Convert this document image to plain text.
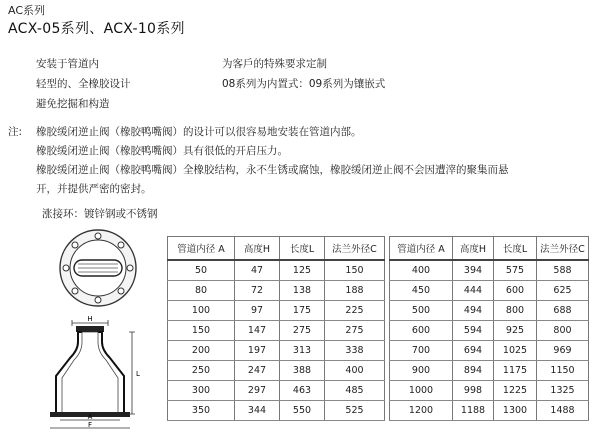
AC系列
ACX-05系列、ACX-10系列
安装于管道内
轻型的、全橡胶设计
避免挖掘和构造
为客戶的特殊要求定制
08系列为内置式：09系列为镶嵌式
注: 橡胶缓闭逆止阀（橡胶鸭嘴阀）的设计可以很容易地安装在管道内部。
橡胶缓闭逆止阀（橡胶鸭嘴阀）具有很低的开启压力。
橡胶缓闭逆止阀（橡胶鸭嘴阀）全橡胶结构，永不生锈或腐蚀，橡胶缓闭逆止阀不会因遭滓的聚集而悬
开，并提供严密的密封。
涨接环：镀锌钢或不锈钢
H
L
A
F
管道内径 A	高度H	长度L	法兰外径C
50	47	125	150
80	72	138	188
100	97	175	225
150	147	275	275
200	197	313	338
250	247	388	400
300	297	463	485
350	344	550	525
管道内径 A	高度H	长度L	法兰外径C
400	394	575	588
450	444	600	625
500	494	800	688
600	594	925	800
700	694	1025	969
900	894	1175	1150
1000	998	1225	1325
1200	1188	1300	1488
